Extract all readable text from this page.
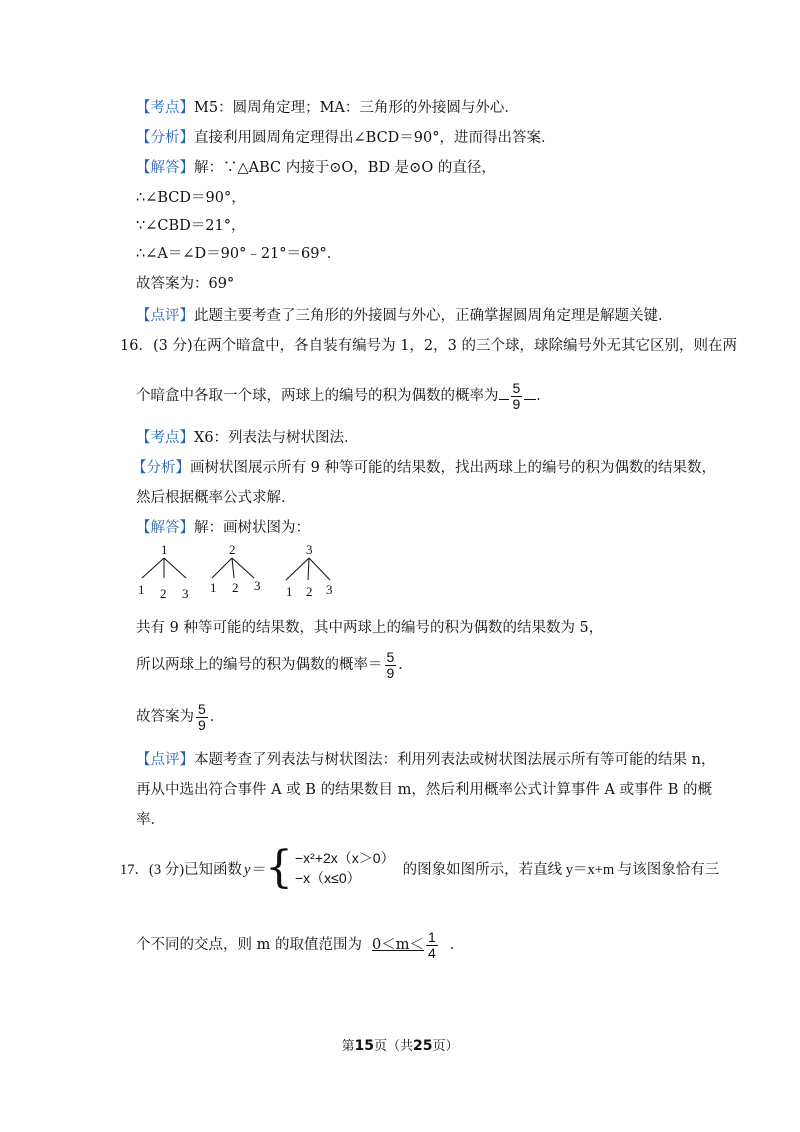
【考点】M5：圆周角定理；MA：三角形的外接圆与外心．
【分析】直接利用圆周角定理得出∠BCD＝90°，进而得出答案．
【解答】解：∵△ABC 内接于⊙O，BD 是⊙O 的直径，
∴∠BCD＝90°，
∵∠CBD＝21°，
∴∠A＝∠D＝90°﹣21°＝69°．
故答案为：69°
【点评】此题主要考查了三角形的外接圆与外心，正确掌握圆周角定理是解题关键．
16．(3 分)在两个暗盒中，各自装有编号为 1，2，3 的三个球，球除编号外无其它区别，则在两
个暗盒中各取一个球，两球上的编号的积为偶数的概率为 $\frac{5}{9}$ ．
【考点】X6：列表法与树状图法．
【分析】画树状图展示所有 9 种等可能的结果数，找出两球上的编号的积为偶数的结果数，
然后根据概率公式求解．
【解答】解：画树状图为：
1
1 2 3
2
1 2 3
3
1 2 3
共有 9 种等可能的结果数，其中两球上的编号的积为偶数的结果数为 5，
所以两球上的编号的积为偶数的概率＝ $\frac{5}{9}$ ．
故答案为 $\frac{5}{9}$ ．
【点评】本题考查了列表法与树状图法：利用列表法或树状图法展示所有等可能的结果 n，
再从中选出符合事件 A 或 B 的结果数目 m，然后利用概率公式计算事件 A 或事件 B 的概
率．
17．(3 分)已知函数 y＝ { −x²+2x（x＞0）
−x（x≤0）
的图象如图所示，若直线 y＝x+m 与该图象恰有三
个不同的交点，则 m 的取值范围为 $0<m< \frac{1}{4}$ ．
第15页（共25页）
